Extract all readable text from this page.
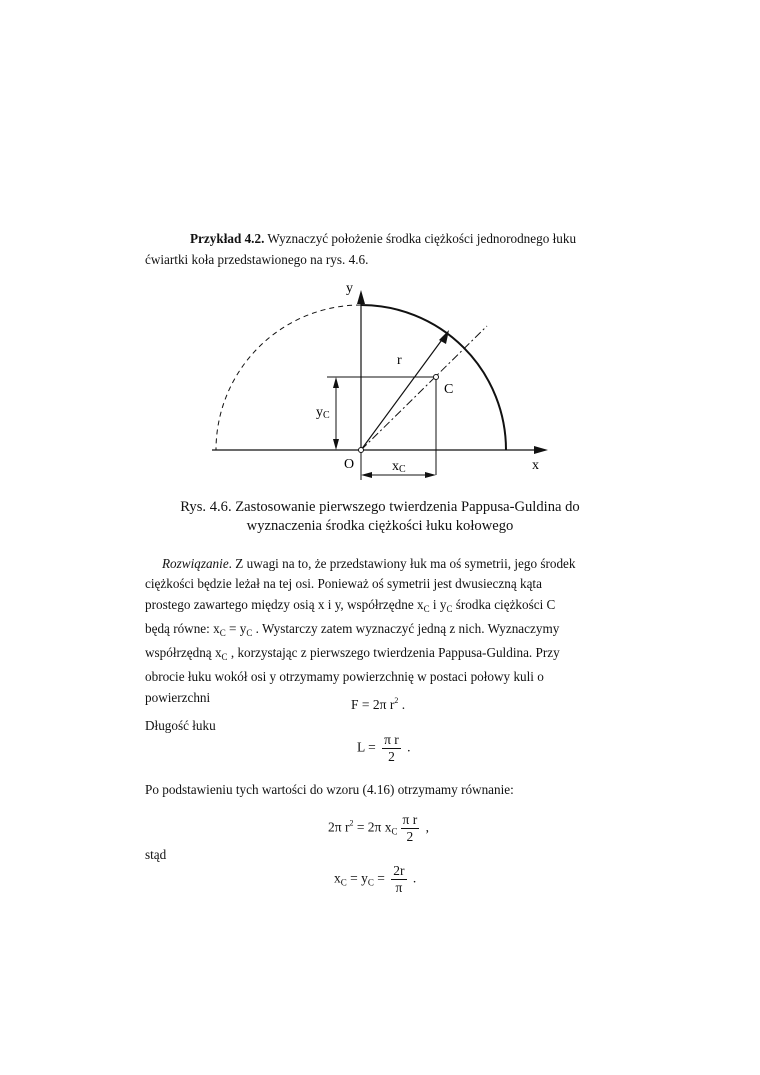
Przykład 4.2. Wyznaczyć położenie środka ciężkości jednorodnego łuku
ćwiartki koła przedstawionego na rys. 4.6.
y
x
O
r
C
yC
xC
Rys. 4.6. Zastosowanie pierwszego twierdzenia Pappusa-Guldina do
wyznaczenia środka ciężkości łuku kołowego
Rozwiązanie. Z uwagi na to, że przedstawiony łuk ma oś symetrii, jego środek
ciężkości będzie leżał na tej osi. Ponieważ oś symetrii jest dwusieczną kąta
prostego zawartego między osią x i y, współrzędne $x_C$ i $y_C$ środka ciężkości C
będą równe: $x_C = y_C$ . Wystarczy zatem wyznaczyć jedną z nich. Wyznaczymy
współrzędną $x_C$ , korzystając z pierwszego twierdzenia Pappusa-Guldina. Przy
obrocie łuku wokół osi y otrzymamy powierzchnię w postaci połowy kuli o
powierzchni	F = 2π $r^2$ .
Długość łuku
$L = \frac{\text{π r}}{2}$ .
Po podstawieniu tych wartości do wzoru (4.16) otrzymamy równanie:
2π $r^2 = 2\pi$ $x_C \frac{\text{π r}}{2}$ ,
stąd
$x_C = y_C = \frac{2r}{\pi}$ .
